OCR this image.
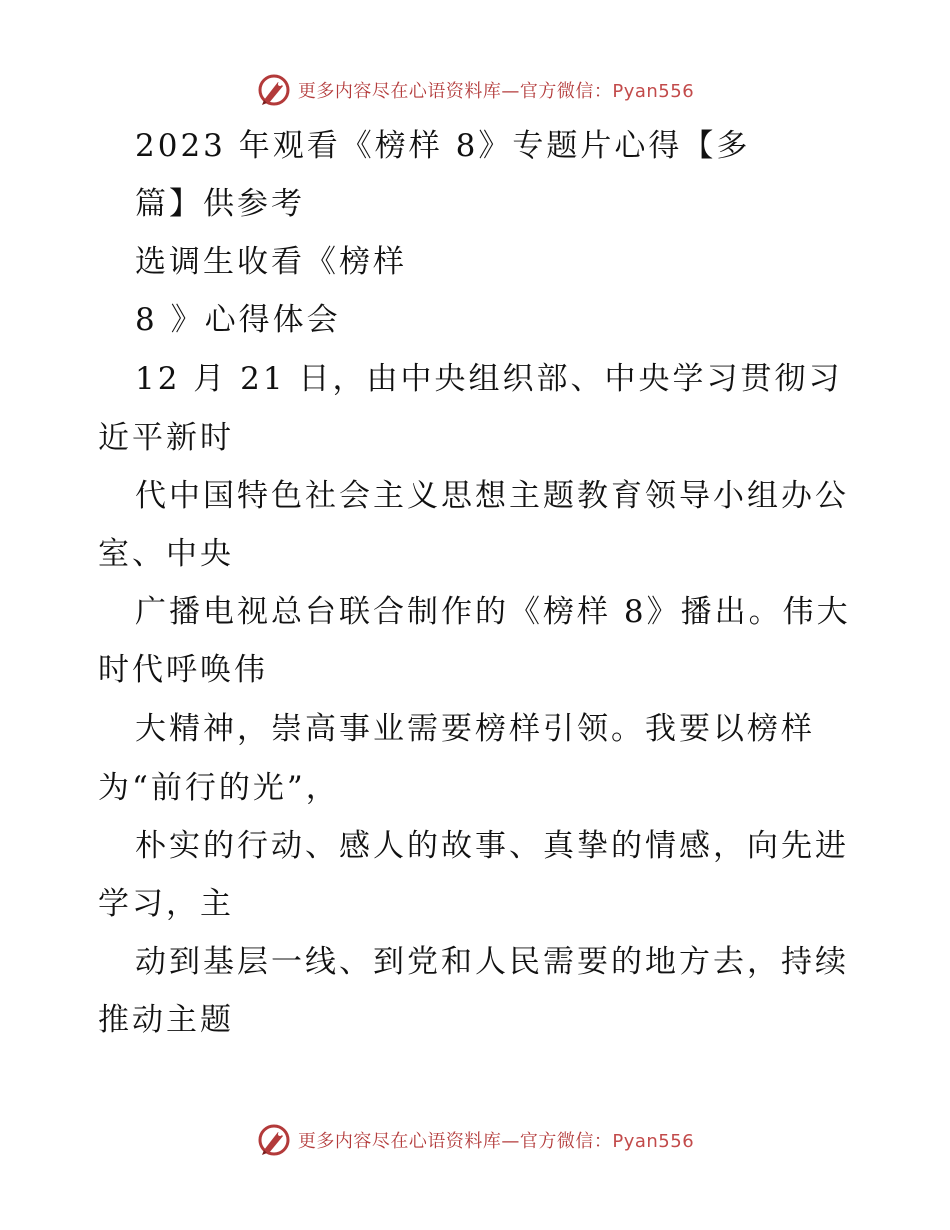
更多内容尽在心语资料库—官方微信：Pyan556
2023 年观看《榜样 8》专题片心得【多
篇】供参考
选调生收看《榜样
8 》心得体会
12 月 21 日，由中央组织部、中央学习贯彻习
近平新时
代中国特色社会主义思想主题教育领导小组办公
室、中央
广播电视总台联合制作的《榜样 8》播出。伟大
时代呼唤伟
大精神，崇高事业需要榜样引领。我要以榜样
为“前行的光”，
朴实的行动、感人的故事、真挚的情感，向先进
学习，主
动到基层一线、到党和人民需要的地方去，持续
推动主题
更多内容尽在心语资料库—官方微信：Pyan556
